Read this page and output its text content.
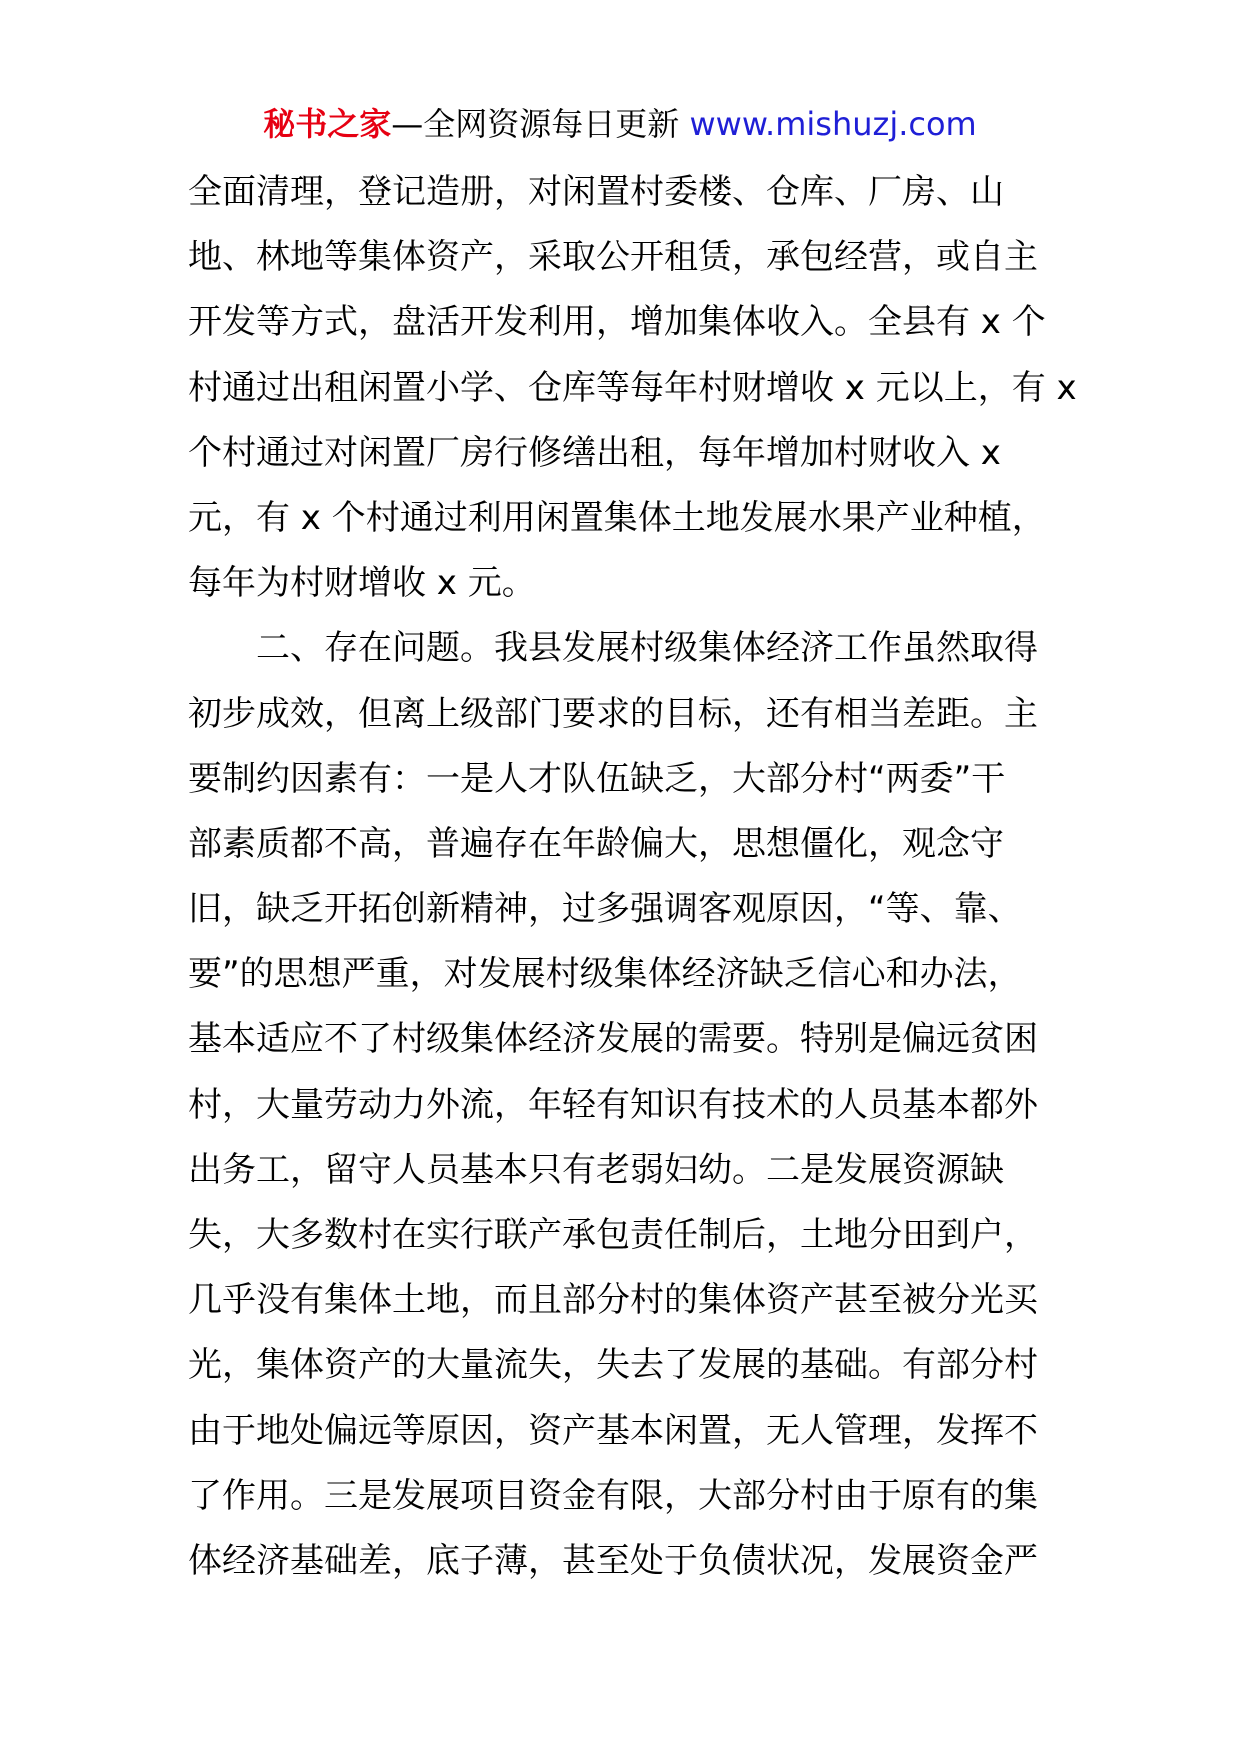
秘书之家—全网资源每日更新 www.mishuzj.com
全面清理，登记造册，对闲置村委楼、仓库、厂房、山
地、林地等集体资产，采取公开租赁，承包经营，或自主
开发等方式，盘活开发利用，增加集体收入。全县有 x 个
村通过出租闲置小学、仓库等每年村财增收 x 元以上，有 x
个村通过对闲置厂房行修缮出租，每年增加村财收入 x
元，有 x 个村通过利用闲置集体土地发展水果产业种植，
每年为村财增收 x 元。
二、存在问题。我县发展村级集体经济工作虽然取得
初步成效，但离上级部门要求的目标，还有相当差距。主
要制约因素有：一是人才队伍缺乏，大部分村“两委”干
部素质都不高，普遍存在年龄偏大，思想僵化，观念守
旧，缺乏开拓创新精神，过多强调客观原因，“等、靠、
要”的思想严重，对发展村级集体经济缺乏信心和办法，
基本适应不了村级集体经济发展的需要。特别是偏远贫困
村，大量劳动力外流，年轻有知识有技术的人员基本都外
出务工，留守人员基本只有老弱妇幼。二是发展资源缺
失，大多数村在实行联产承包责任制后，土地分田到户，
几乎没有集体土地，而且部分村的集体资产甚至被分光买
光，集体资产的大量流失，失去了发展的基础。有部分村
由于地处偏远等原因，资产基本闲置，无人管理，发挥不
了作用。三是发展项目资金有限，大部分村由于原有的集
体经济基础差，底子薄，甚至处于负债状况，发展资金严
